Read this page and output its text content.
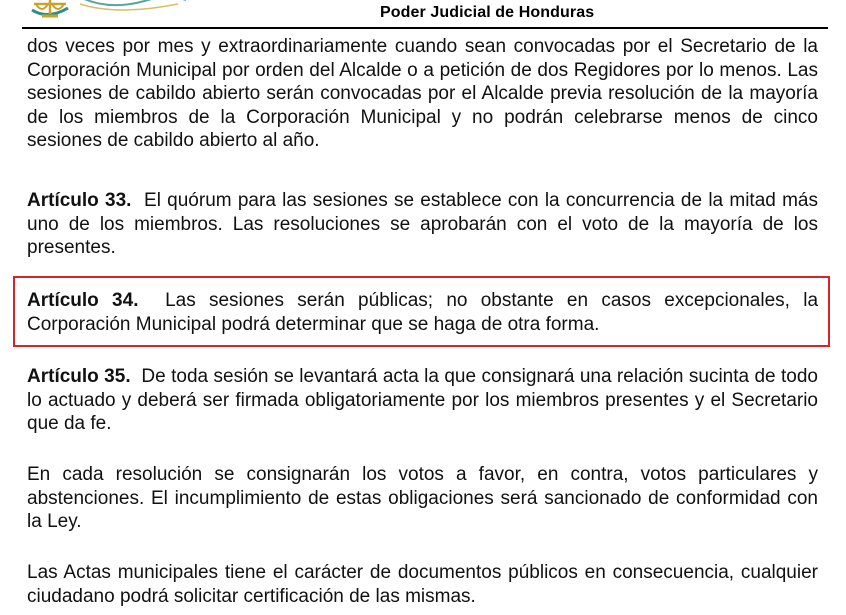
Poder Judicial de Honduras

dos veces por mes y extraordinariamente cuando sean convocadas por el Secretario de la Corporación Municipal por orden del Alcalde o a petición de dos Regidores por lo menos. Las sesiones de cabildo abierto serán convocadas por el Alcalde previa resolución de la mayoría de los miembros de la Corporación Municipal y no podrán celebrarse menos de cinco sesiones de cabildo abierto al año.

Artículo 33. El quórum para las sesiones se establece con la concurrencia de la mitad más uno de los miembros. Las resoluciones se aprobarán con el voto de la mayoría de los presentes.

Artículo 34. Las sesiones serán públicas; no obstante en casos excepcionales, la Corporación Municipal podrá determinar que se haga de otra forma.

Artículo 35. De toda sesión se levantará acta la que consignará una relación sucinta de todo lo actuado y deberá ser firmada obligatoriamente por los miembros presentes y el Secretario que da fe.

En cada resolución se consignarán los votos a favor, en contra, votos particulares y abstenciones. El incumplimiento de estas obligaciones será sancionado de conformidad con la Ley.

Las Actas municipales tiene el carácter de documentos públicos en consecuencia, cualquier ciudadano podrá solicitar certificación de las mismas.
